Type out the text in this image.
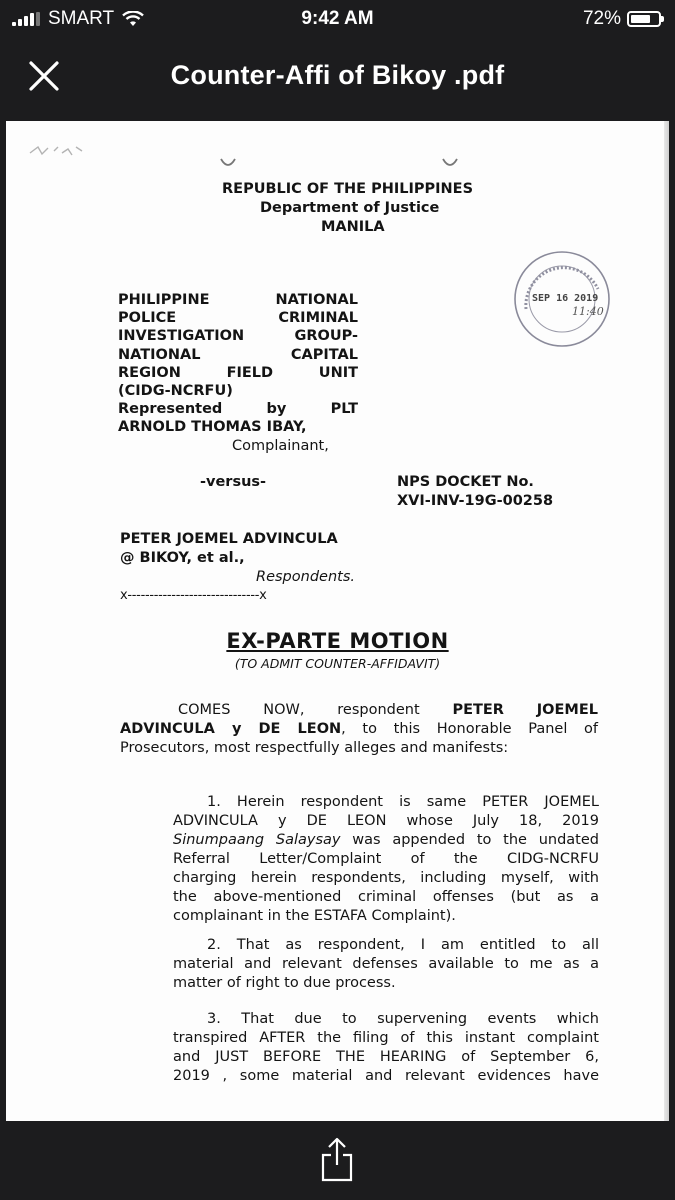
SMART	9:42 AM	72%
Counter-Affi of Bikoy .pdf
REPUBLIC OF THE PHILIPPINES
Department of Justice
MANILA
SEP 16 2019
11:40
PHILIPPINE	NATIONAL
POLICE	CRIMINAL
INVESTIGATION	GROUP-
NATIONAL	CAPITAL
REGION	FIELD	UNIT
(CIDG-NCRFU)
Represented	by	PLT
ARNOLD THOMAS IBAY,
Complainant,
-versus-	NPS DOCKET No.
XVI-INV-19G-00258
PETER JOEMEL ADVINCULA
@ BIKOY, et al.,
Respondents.
x------------------------------x
EX-PARTE MOTION
(TO ADMIT COUNTER-AFFIDAVIT)
COMES NOW, respondent PETER JOEMEL
ADVINCULA y DE LEON, to this Honorable Panel of
Prosecutors, most respectfully alleges and manifests:
1. Herein respondent is same PETER JOEMEL
ADVINCULA y DE LEON whose July 18, 2019
Sinumpaang Salaysay was appended to the undated
Referral Letter/Complaint of the CIDG-NCRFU
charging herein respondents, including myself, with
the above-mentioned criminal offenses (but as a
complainant in the ESTAFA Complaint).
2. That as respondent, I am entitled to all
material and relevant defenses available to me as a
matter of right to due process.
3. That due to supervening events which
transpired AFTER the filing of this instant complaint
and JUST BEFORE THE HEARING of September 6,
2019 , some material and relevant evidences have
